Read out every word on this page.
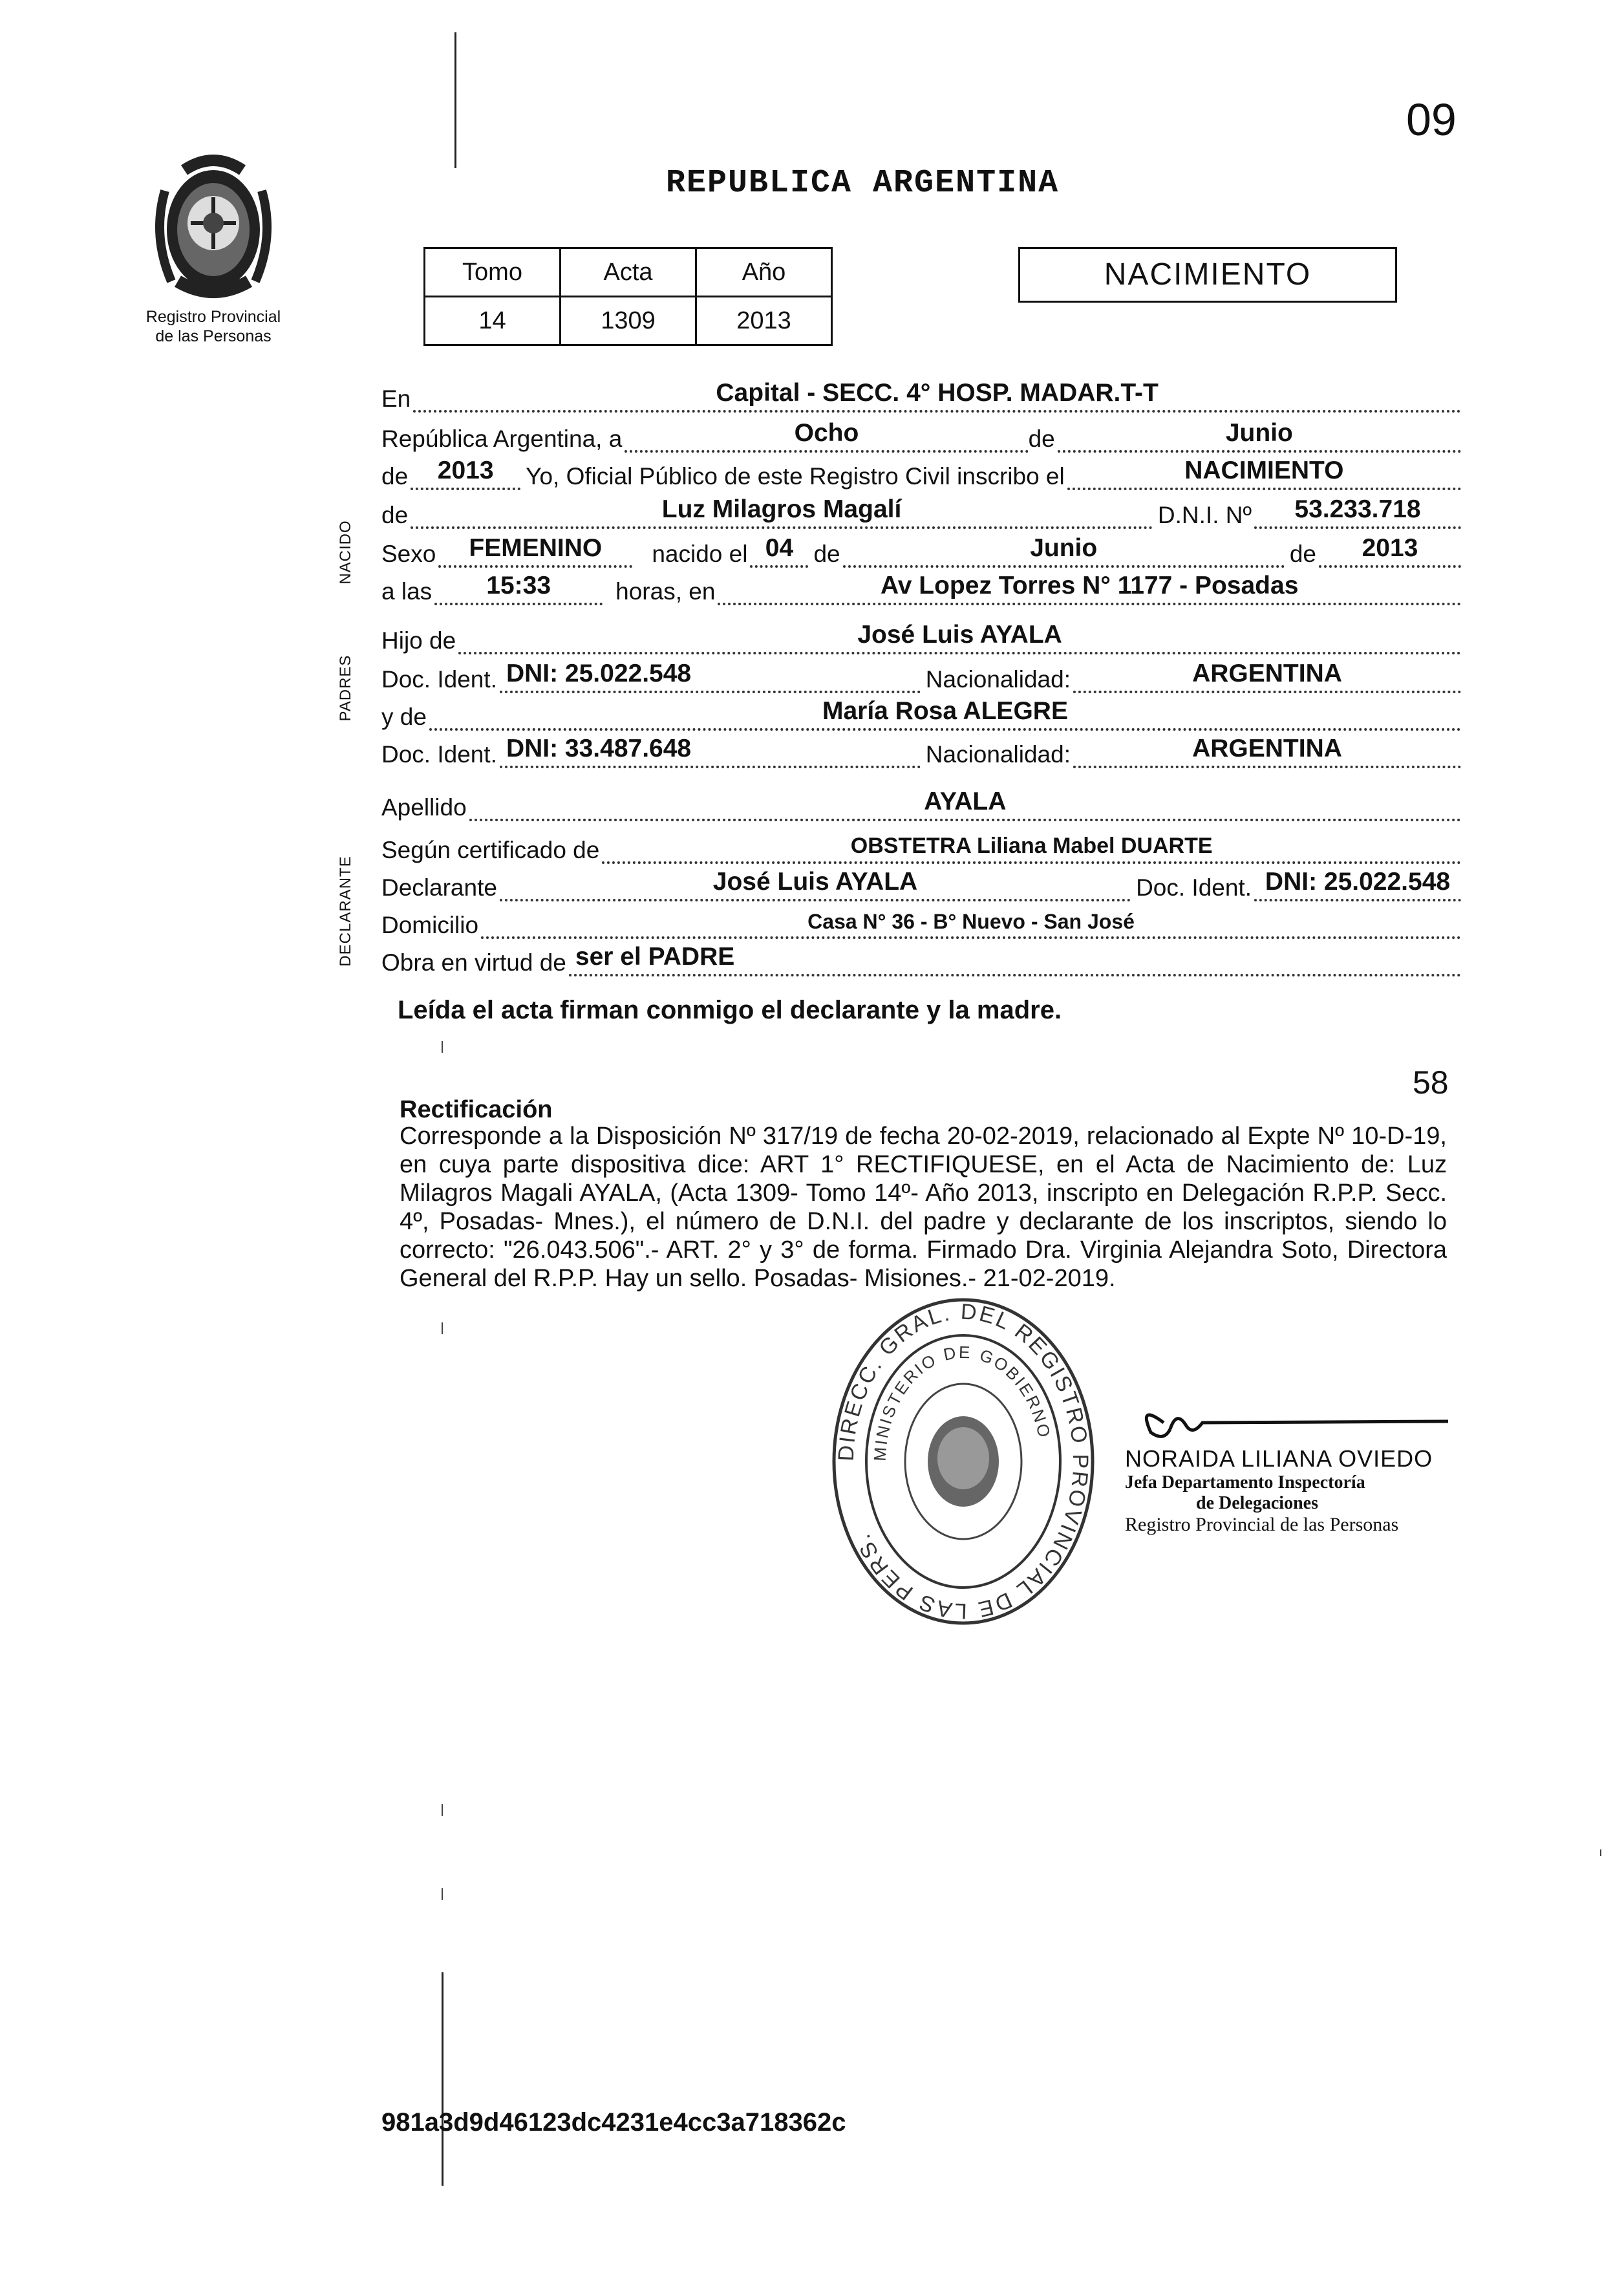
09
Registro Provincial
de las Personas
REPUBLICA ARGENTINA
Tomo	Acta	Año
14	1309	2013
NACIMIENTO
NACIDO
PADRES
DECLARANTE
En	Capital - SECC. 4° HOSP. MADAR.T-T
República Argentina, a	Ocho	de	Junio
de	2013	Yo, Oficial Público de este Registro Civil inscribo el	NACIMIENTO
de	Luz Milagros Magalí	D.N.I. Nº	53.233.718
Sexo	FEMENINO	nacido el 04 de	Junio	de	2013
a las	15:33	horas, en	Av Lopez Torres N° 1177 - Posadas
Hijo de	José Luis AYALA
Doc. Ident. DNI: 25.022.548	Nacionalidad:	ARGENTINA
y de	María Rosa ALEGRE
Doc. Ident. DNI: 33.487.648	Nacionalidad:	ARGENTINA
Apellido	AYALA
Según certificado de	OBSTETRA Liliana Mabel DUARTE
Declarante	José Luis AYALA	Doc. Ident. DNI: 25.022.548
Domicilio	Casa N° 36 - B° Nuevo - San José
Obra en virtud de ser el PADRE
Leída el acta firman conmigo el declarante y la madre.
58
Rectificación
Corresponde a la Disposición Nº 317/19 de fecha 20-02-2019, relacionado al Expte Nº 10-D-19, en cuya parte dispositiva dice: ART 1° RECTIFIQUESE, en el Acta de Nacimiento de: Luz Milagros Magali AYALA, (Acta 1309- Tomo 14º- Año 2013, inscripto en Delegación R.P.P. Secc. 4º, Posadas- Mnes.), el número de D.N.I. del padre y declarante de los inscriptos, siendo lo correcto: "26.043.506".- ART. 2° y 3° de forma. Firmado Dra. Virginia Alejandra Soto, Directora General del R.P.P. Hay un sello. Posadas- Misiones.- 21-02-2019.
DIRECC. GRAL. DEL REGISTRO PROVINCIAL DE LAS PERS.
MINISTERIO DE GOBIERNO
NORAIDA LILIANA OVIEDO
Jefa Departamento Inspectoría
de Delegaciones
Registro Provincial de las Personas
981a3d9d46123dc4231e4cc3a718362c
